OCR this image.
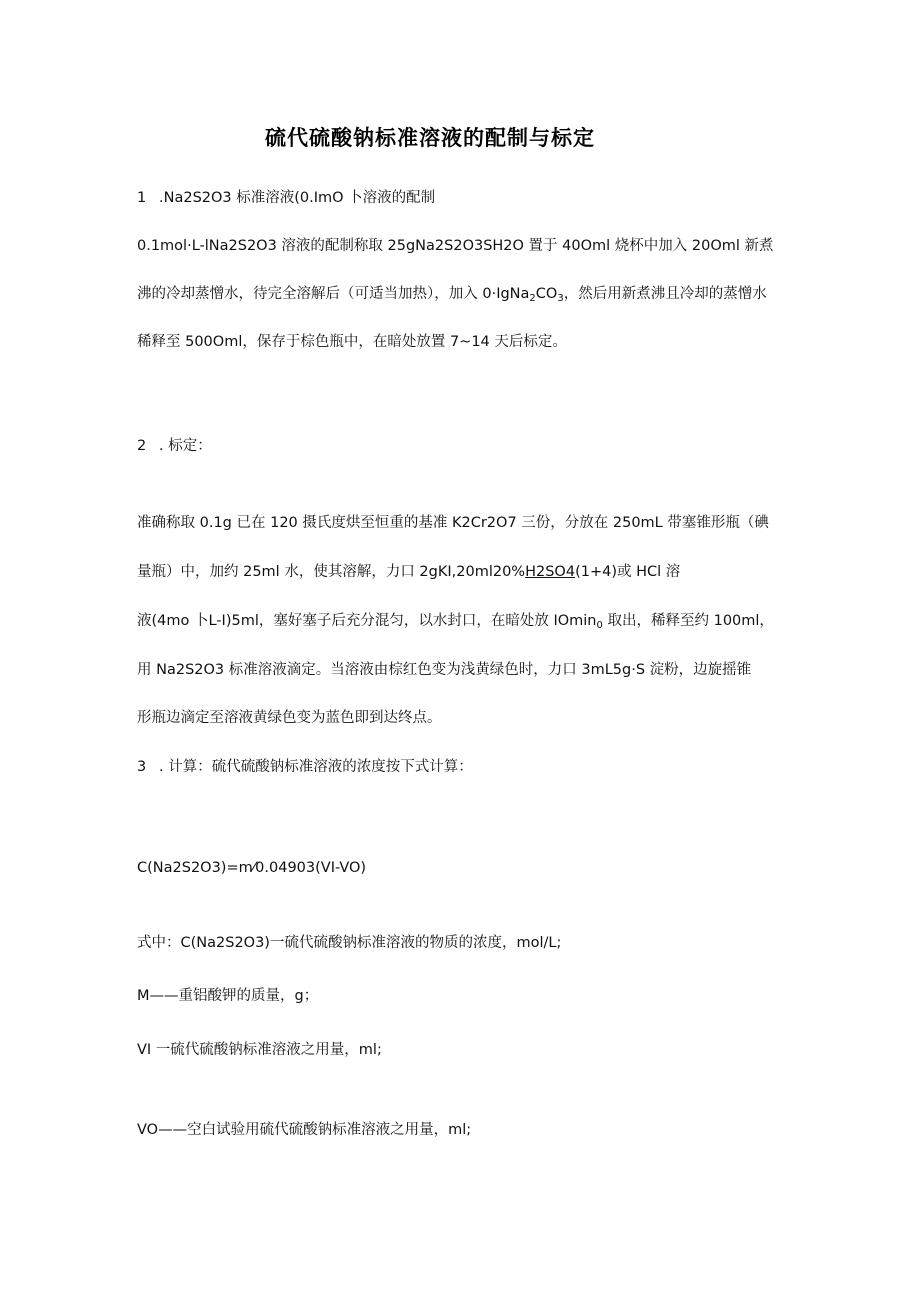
硫代硫酸钠标准溶液的配制与标定
1 .Na2S2O3 标准溶液(0.ImO 卜溶液的配制
0.1mol·L-lNa2S2O3 溶液的配制称取 25gNa2S2O3SH2O 置于 40Oml 烧杯中加入 20Oml 新煮
沸的冷却蒸憎水，待完全溶解后（可适当加热），加入 $0\cdot IgNa_2CO_3$，然后用新煮沸且冷却的蒸憎水
稀释至 500Oml，保存于棕色瓶中，在暗处放置 7~14 天后标定。
2 . 标定：
准确称取 0.1g 已在 120 摄氏度烘至恒重的基准 K2Cr2O7 三份，分放在 250mL 带塞锥形瓶（碘
量瓶）中，加约 25ml 水，使其溶解，力口 2gKI,20ml20%H2SO4(1+4)或 HCl 溶
液(4mo 卜L-I)5ml，塞好塞子后充分混匀，以水封口，在暗处放 IOmin$_0$ 取出，稀释至约 100ml，
用 Na2S2O3 标准溶液滴定。当溶液由棕红色变为浅黄绿色时，力口 3mL5g·S 淀粉，边旋摇锥
形瓶边滴定至溶液黄绿色变为蓝色即到达终点。
3 . 计算：硫代硫酸钠标准溶液的浓度按下式计算：
C(Na2S2O3)=m⁄0.04903(VI-VO)
式中：C(Na2S2O3)一硫代硫酸钠标准溶液的物质的浓度，mol/L;
M——重铝酸钾的质量，g；
VI 一硫代硫酸钠标准溶液之用量，ml;
VO——空白试验用硫代硫酸钠标准溶液之用量，ml;
